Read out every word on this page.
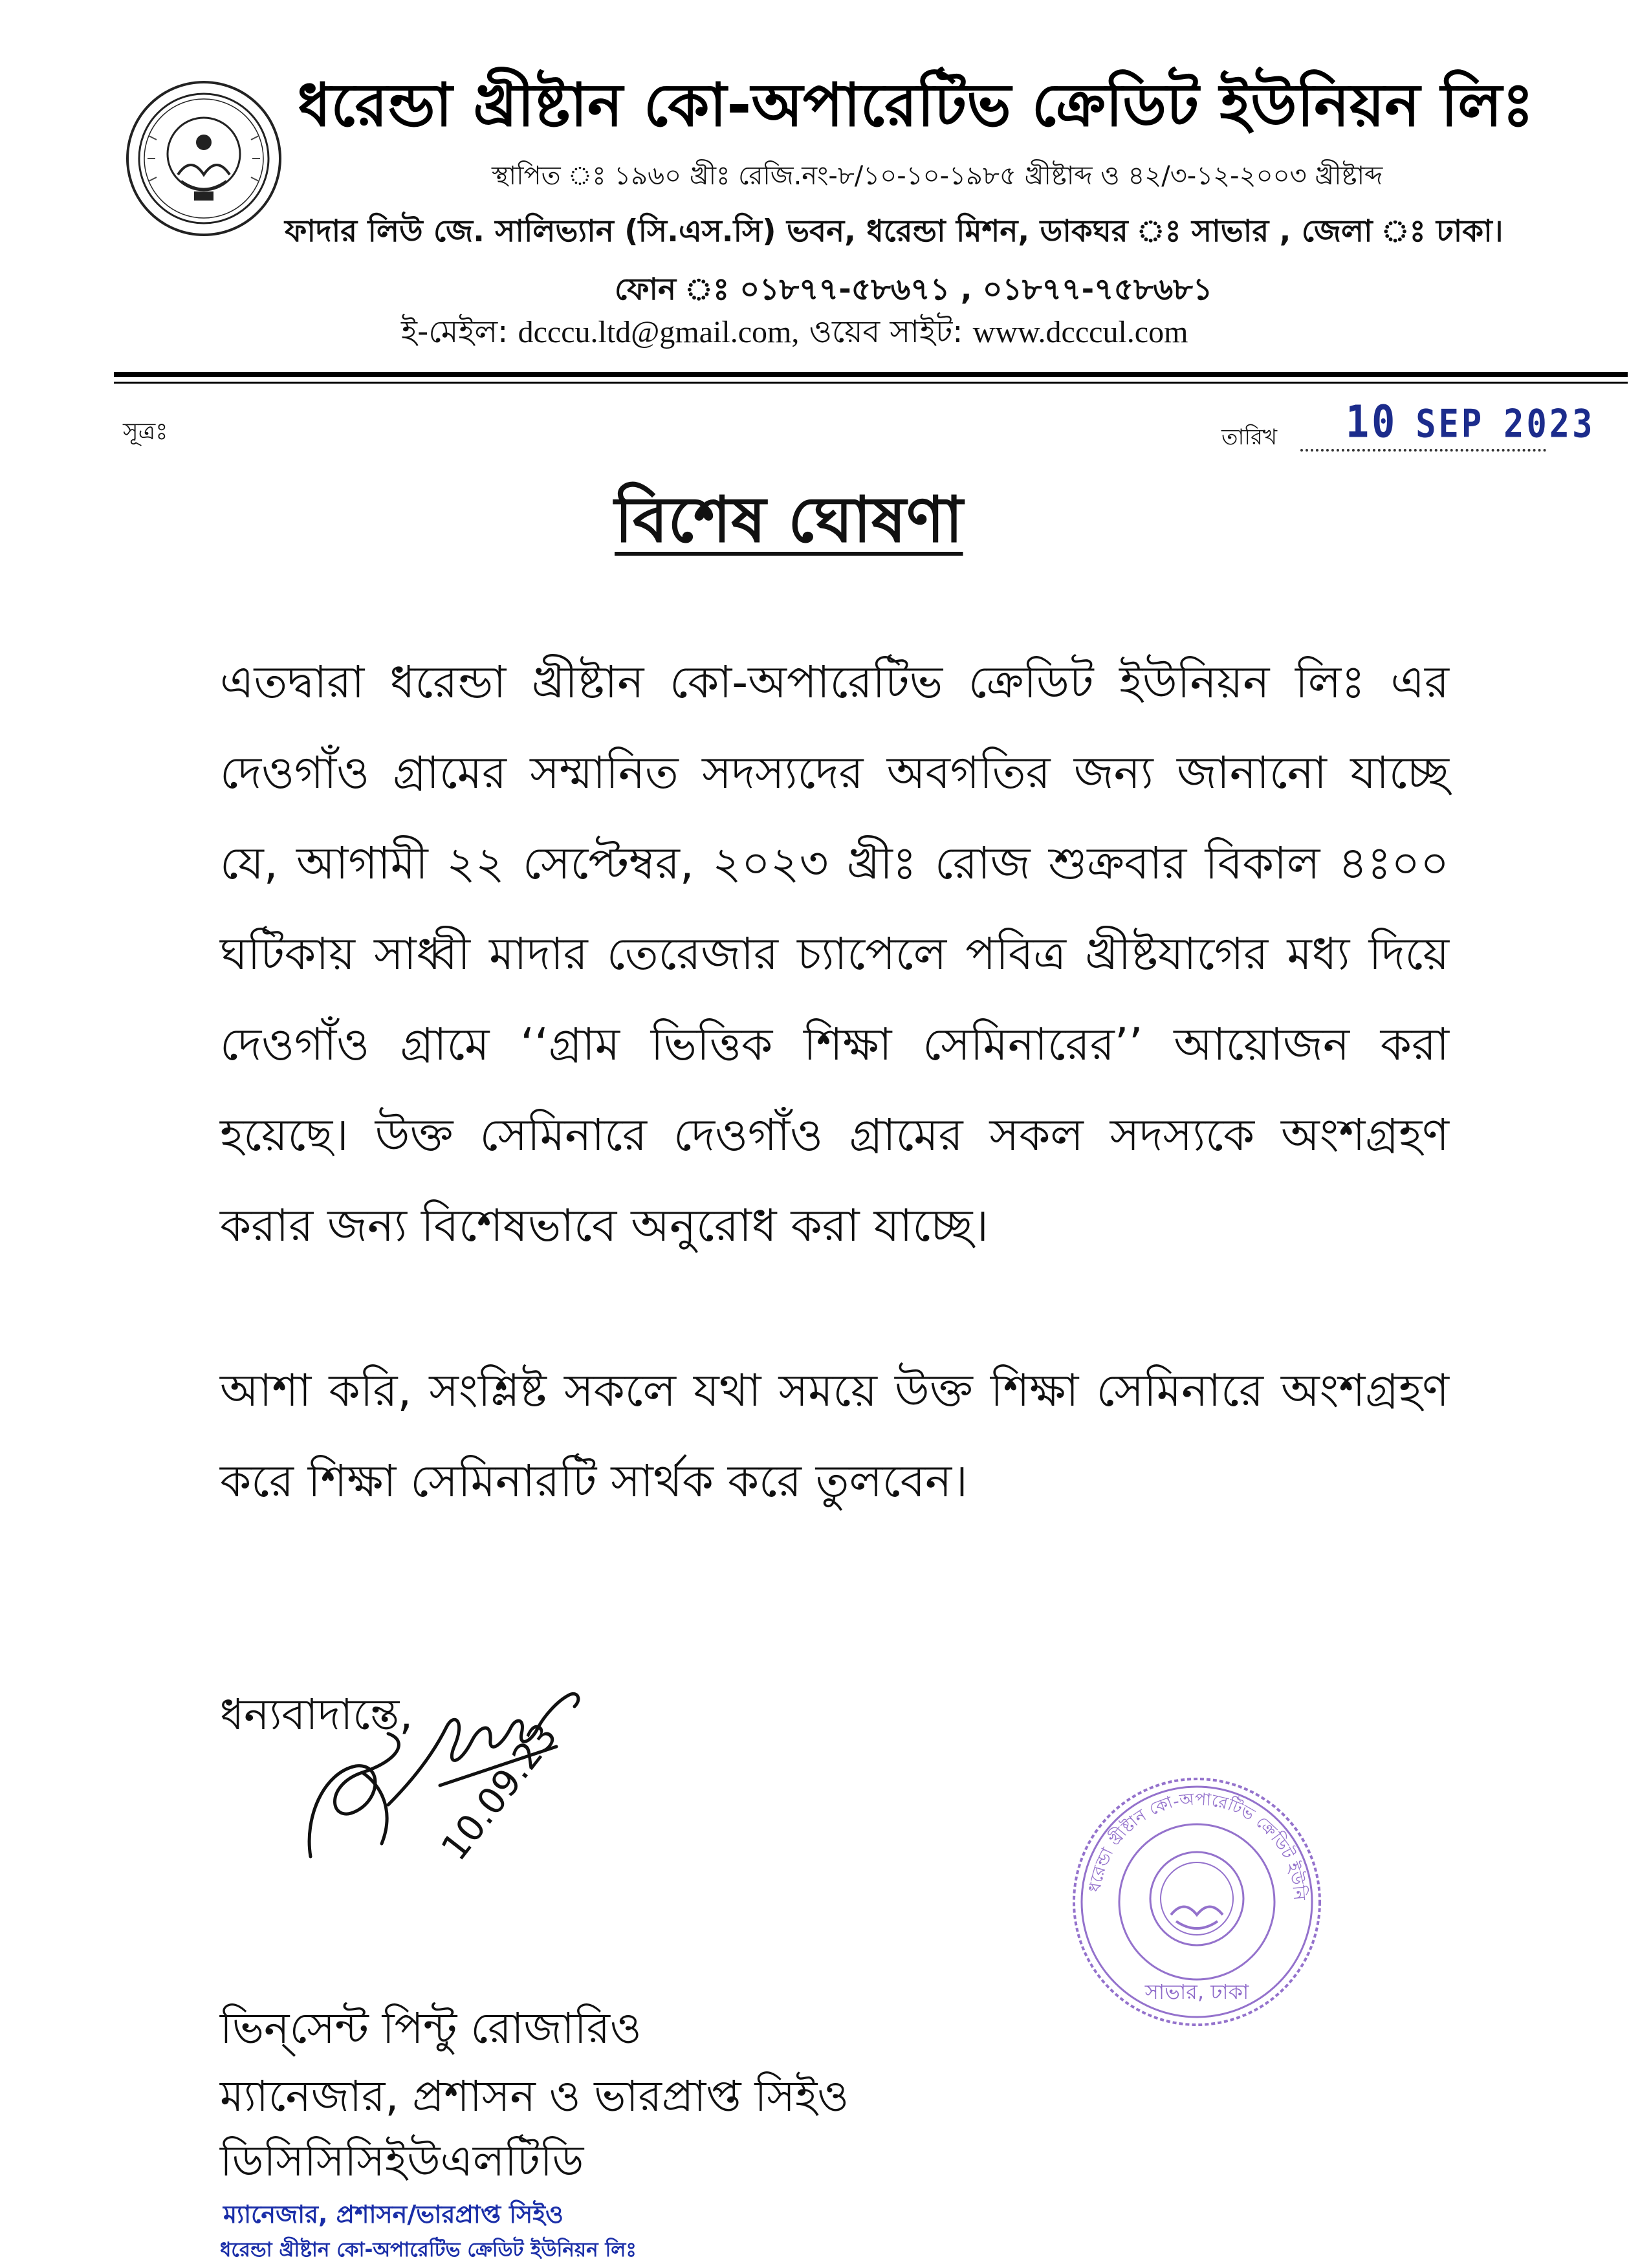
ধরেন্ডা খ্রীষ্টান কো-অপারেটিভ ক্রেডিট ইউনিয়ন লিঃ
স্থাপিত ঃ ১৯৬০ খ্রীঃ রেজি.নং-৮/১০-১০-১৯৮৫ খ্রীষ্টাব্দ ও ৪২/৩-১২-২০০৩ খ্রীষ্টাব্দ
ফাদার লিউ জে. সালিভ্যান (সি.এস.সি) ভবন, ধরেন্ডা মিশন, ডাকঘর ঃ সাভার , জেলা ঃ ঢাকা।
ফোন ঃ ০১৮৭৭-৫৮৬৭১ , ০১৮৭৭-৭৫৮৬৮১
ই-মেইল: dcccu.ltd@gmail.com, ওয়েব সাইট: www.dcccul.com
সূত্রঃ	তারিখ 10 SEP 2023
বিশেষ ঘোষণা
এতদ্বারা ধরেন্ডা খ্রীষ্টান কো-অপারেটিভ ক্রেডিট ইউনিয়ন লিঃ এর দেওগাঁও গ্রামের সম্মানিত সদস্যদের অবগতির জন্য জানানো যাচ্ছে যে, আগামী ২২ সেপ্টেম্বর, ২০২৩ খ্রীঃ রোজ শুক্রবার বিকাল ৪ঃ০০ ঘটিকায় সাধ্বী মাদার তেরেজার চ্যাপেলে পবিত্র খ্রীষ্টযাগের মধ্য দিয়ে দেওগাঁও গ্রামে ‘‘গ্রাম ভিত্তিক শিক্ষা সেমিনারের’’ আয়োজন করা হয়েছে। উক্ত সেমিনারে দেওগাঁও গ্রামের সকল সদস্যকে অংশগ্রহণ করার জন্য বিশেষভাবে অনুরোধ করা যাচ্ছে।
আশা করি, সংশ্লিষ্ট সকলে যথা সময়ে উক্ত শিক্ষা সেমিনারে অংশগ্রহণ করে শিক্ষা সেমিনারটি সার্থক করে তুলবেন।
ধন্যবাদান্তে,
10.09.23
ধরেন্ডা খ্রীষ্টান কো-অপারেটিভ ক্রেডিট ইউনি
সাভার, ঢাকা
ভিন্‌সেন্ট পিন্টু রোজারিও
ম্যানেজার, প্রশাসন ও ভারপ্রাপ্ত সিইও
ডিসিসিসিইউএলটিডি
ম্যানেজার, প্রশাসন/ভারপ্রাপ্ত সিইও
ধরেন্ডা খ্রীষ্টান কো-অপারেটিভ ক্রেডিট ইউনিয়ন লিঃ
